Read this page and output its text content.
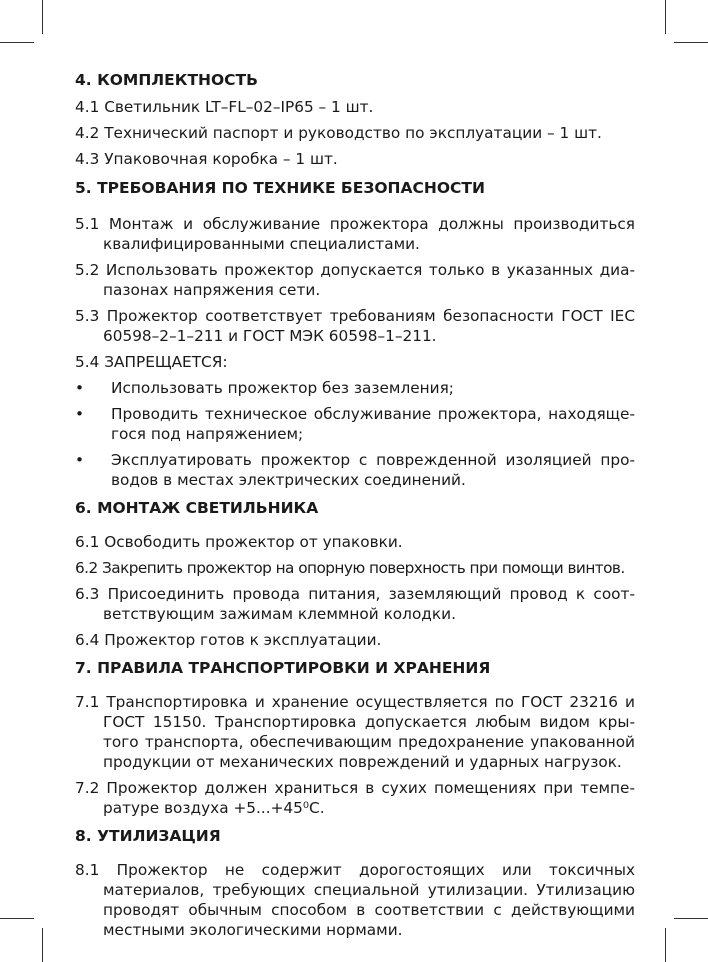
4. КОМПЛЕКТНОСТЬ

4.1 Светильник LT–FL–02–IP65 – 1 шт.

4.2 Технический паспорт и руководство по эксплуатации – 1 шт.

4.3 Упаковочная коробка – 1 шт.

5. ТРЕБОВАНИЯ ПО ТЕХНИКЕ БЕЗОПАСНОСТИ

5.1 Монтаж и обслуживание прожектора должны производиться квалифицированными специалистами.

5.2 Использовать прожектор допускается только в указанных диапазонах напряжения сети.

5.3 Прожектор соответствует требованиям безопасности ГОСТ IEC 60598–2–1–211 и ГОСТ МЭК 60598–1–211.

5.4 ЗАПРЕЩАЕТСЯ:

• Использовать прожектор без заземления;

• Проводить техническое обслуживание прожектора, находящегося под напряжением;

• Эксплуатировать прожектор с поврежденной изоляцией проводов в местах электрических соединений.

6. МОНТАЖ СВЕТИЛЬНИКА

6.1 Освободить прожектор от упаковки.

6.2 Закрепить прожектор на опорную поверхность при помощи винтов.

6.3 Присоединить провода питания, заземляющий провод к соответствующим зажимам клеммной колодки.

6.4 Прожектор готов к эксплуатации.

7. ПРАВИЛА ТРАНСПОРТИРОВКИ И ХРАНЕНИЯ

7.1 Транспортировка и хранение осуществляется по ГОСТ 23216 и ГОСТ 15150. Транспортировка допускается любым видом крытого транспорта, обеспечивающим предохранение упакованной продукции от механических повреждений и ударных нагрузок.

7.2 Прожектор должен храниться в сухих помещениях при температуре воздуха +5...+45⁰С.

8. УТИЛИЗАЦИЯ

8.1 Прожектор не содержит дорогостоящих или токсичных материалов, требующих специальной утилизации. Утилизацию проводят обычным способом в соответствии с действующими местными экологическими нормами.
